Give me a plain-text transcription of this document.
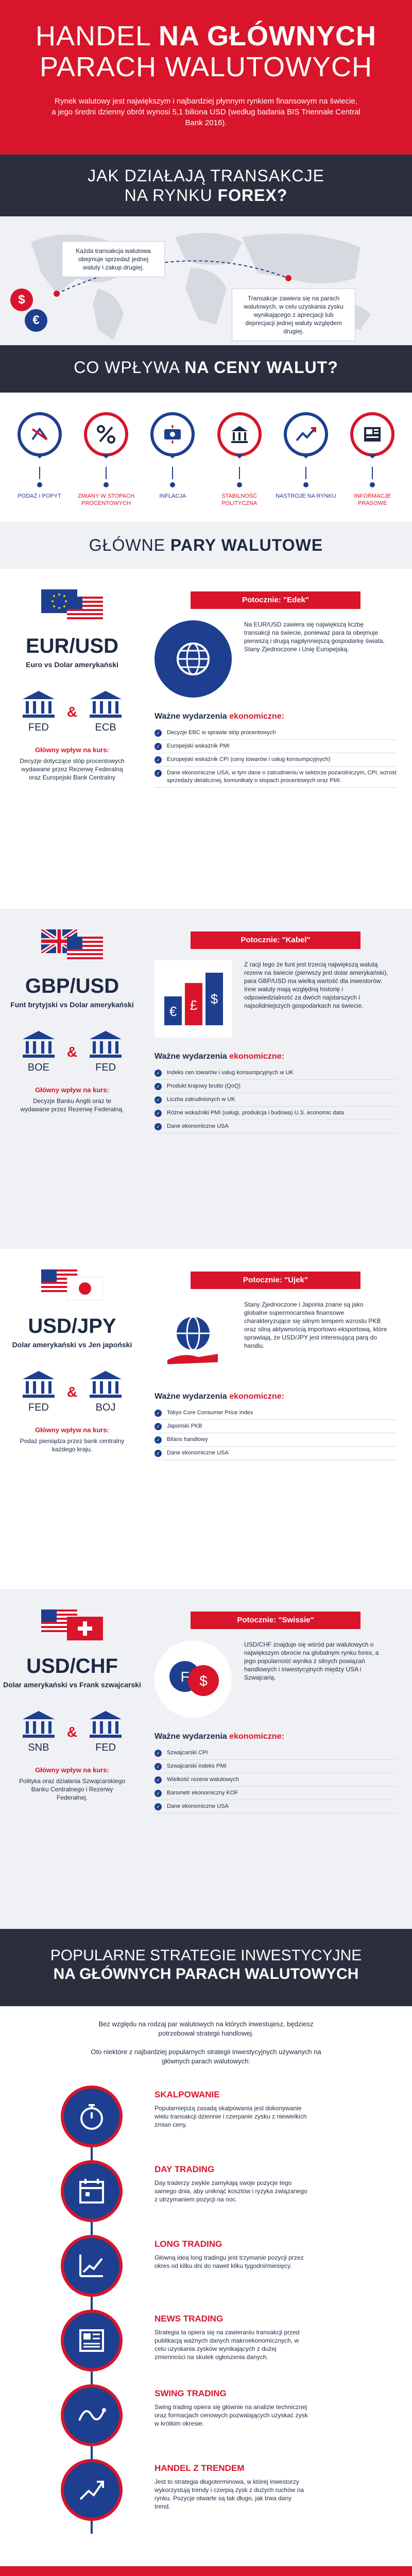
HANDEL NA GŁÓWNYCH
PARACH WALUTOWYCH

Rynek walutowy jest największym i najbardziej płynnym rynkiem finansowym na świecie, a jego średni dzienny obrót wynosi 5,1 biliona USD (według badania BIS Triennale Central Bank 2016).

JAK DZIAŁAJĄ TRANSAKCJE
NA RYNKU FOREX?
$
€
Każda transakcja walutowa obejmuje sprzedaż jednej waluty i zakup drugiej.
Transakcje zawiera się na parach walutowych, w celu uzyskania zysku wynikającego z aprecjacji lub deprecjacji jednej waluty względem drugiej.
CO WPŁYWA NA CENY WALUT?
PODAŻ I POPYT	ZMIANY W STOPACH PROCENTOWYCH
INFLACJA	STABILNOŚĆ POLITYCZNA
NASTROJE NA RYNKU	INFORMACJE PRASOWE
GŁÓWNE PARY WALUTOWE
EUR/USD
Euro vs Dolar amerykański
FED
&
ECB
Główny wpływ na kurs:
Decyzje dotyczące stóp procentowych wydawane przez Rezerwę Federalną oraz Europejski Bank Centralny
Potocznie: "Edek"
Na EUR/USD zawiera się największą liczbę transakcji na świecie, ponieważ para ta obejmuje pierwszą i drugą najpłynniejszą gospodarkę świata, Stany Zjednoczone i Unię Europejską.
Ważne wydarzenia ekonomiczne:
✓ Decyzje EBC w sprawie stóp procentowych
✓ Europejski wskaźnik PMI
✓ Europejski wskaźnik CPI (ceny towarów i usług konsumpcyjnych)
✓ Dane ekonomiczne USA, w tym dane o zatrudnieniu w sektorze pozarolniczym, CPI, wzrost sprzedaży detalicznej, komunikaty o stopach procentowych oraz PMI.
GBP/USD
Funt brytyjski vs Dolar amerykański
BOE
&
FED
Główny wpływ na kurs:
Decyzje Banku Anglii oraz te wydawane przez Rezerwę Federalną.
Potocznie: "Kabel"
€ £ $
Z racji tego że funt jest trzecią największą walutą rezerw na świecie (pierwszy jest dolar amerykański), para GBP/USD ma wielką wartość dla inwestorów. Inne waluty mają względną historię i odpowiedzialność za dwóch najstarszych i najsolidniejszych gospodarkach na świecie.
Ważne wydarzenia ekonomiczne:
✓ Indeks cen towarów i usług konsumpcyjnych w UK
✓ Produkt krajowy brutto (QoQ)
✓ Liczba zatrudnionych w UK
✓ Różne wskaźniki PMI (usługi, produkcja i budowa) U.S. economic data
✓ Dane ekonomiczne USA
USD/JPY
Dolar amerykański vs Jen japoński
FED
&
BOJ
Główny wpływ na kurs:
Podaż pieniądza przez bank centralny każdego kraju.
Potocznie: "Ujek"
Stany Zjednoczone i Japonia znane są jako globalne supermocarstwa finansowe charakteryzujące się silnym tempem wzrostu PKB oraz silną aktywnością importowo-eksportową, które sprawiają, że USD/JPY jest interesującą parą do handlu.
Ważne wydarzenia ekonomiczne:
✓ Tokyo Core Consumer Price Index
✓ Japoński PKB
✓ Bilans handlowy
✓ Dane ekonomiczne USA
USD/CHF
Dolar amerykański vs Frank szwajcarski
SNB
&
FED
Główny wpływ na kurs:
Polityka oraz działania Szwajcarskiego Banku Centralnego i Rezerwy Federalnej.
Potocznie: "Swissie"
F $
USD/CHF znajduje się wśród par walutowych o największym obrocie na globalnym rynku forex, a jego popularność wynika z silnych powiązań handlowych i inwestycyjnych między USA i Szwajcarią.
Ważne wydarzenia ekonomiczne:
✓ Szwajcarski CPI
✓ Szwajcarski indeks PMI
✓ Wielkość rezerw walutowych
✓ Barometr ekonomiczny KOF
✓ Dane ekonomiczne USA
POPULARNE STRATEGIE INWESTYCYJNE
NA GŁÓWNYCH PARACH WALUTOWYCH

Bez względu na rodzaj par walutowych na których inwestujesz, będziesz potrzebował strategii handlowej.

Oto niektóre z najbardziej popularnych strategii inwestycyjnych używanych na głównych parach walutowych:

SKALPOWANIE
Popularniejszą zasadą skalpowania jest dokonywanie wielu transakcji dziennie i czerpanie zysku z niewielkich zmian ceny.
DAY TRADING
Day traderzy zwykle zamykają swoje pozycje tego samego dnia, aby uniknąć kosztów i ryzyka związanego z utrzymaniem pozycji na noc.
LONG TRADING
Główną ideą long tradingu jest trzymanie pozycji przez okres od kilku dni do nawet kilku tygodni/miesięcy.
NEWS TRADING
Strategia ta opiera się na zawieraniu transakcji przed publikacją ważnych danych makroekonomicznych, w celu uzyskania zysków wynikających z dużej zmienności na skutek ogłoszenia danych.
SWING TRADING
Swing trading opiera się głównie na analizie technicznej oraz formacjach cenowych pozwalających uzyskać zysk w krótkim okresie.
HANDEL Z TRENDEM
Jest to strategia długoterminowa, w której inwestorzy wykorzystują trendy i czerpią zysk z dużych ruchów na rynku. Pozycje otwarte są tak długo, jak trwa dany trend.
